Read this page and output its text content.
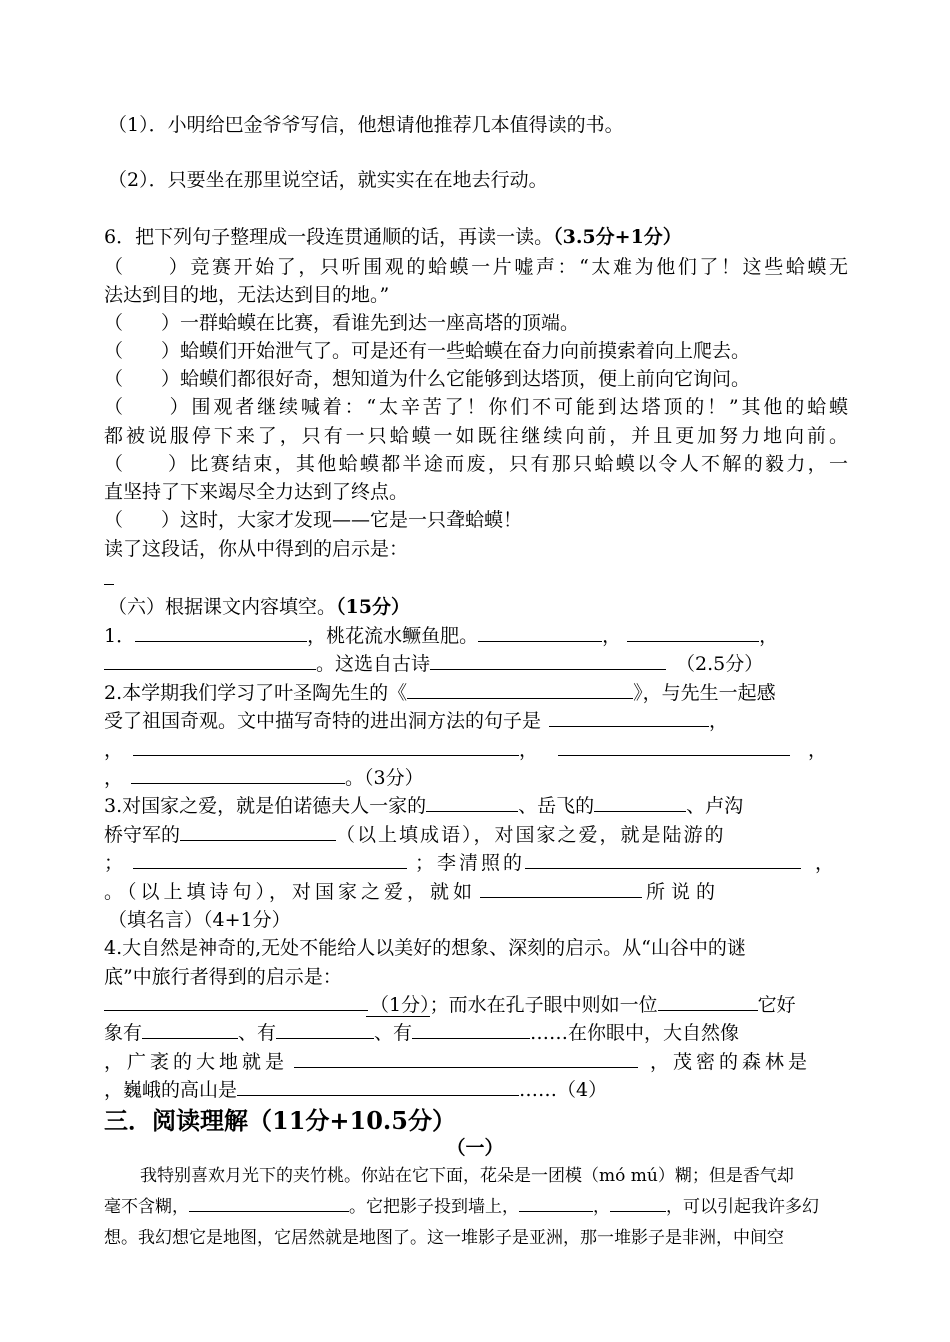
（1）．小明给巴金爷爷写信，他想请他推荐几本值得读的书。
（2）．只要坐在那里说空话，就实实在在地去行动。
6．把下列句子整理成一段连贯通顺的话，再读一读。（3.5分+1分）
（　　）竞赛开始了，只听围观的蛤蟆一片嘘声：“太难为他们了！这些蛤蟆无
法达到目的地，无法达到目的地。”
（　　）一群蛤蟆在比赛，看谁先到达一座高塔的顶端。
（　　）蛤蟆们开始泄气了。可是还有一些蛤蟆在奋力向前摸索着向上爬去。
（　　）蛤蟆们都很好奇，想知道为什么它能够到达塔顶，便上前向它询问。
（　　）围观者继续喊着：“太辛苦了！你们不可能到达塔顶的！”其他的蛤蟆
都被说服停下来了，只有一只蛤蟆一如既往继续向前，并且更加努力地向前。
（　　）比赛结束，其他蛤蟆都半途而废，只有那只蛤蟆以令人不解的毅力，一
直坚持了下来竭尽全力达到了终点。
（　　）这时，大家才发现——它是一只聋蛤蟆！
读了这段话，你从中得到的启示是：
（六）根据课文内容填空。（15分）
1．	，桃花流水鳜鱼肥。	，	，
。这选自古诗	（2.5分）
2.本学期我们学习了叶圣陶先生的《	》，与先生一起感
受了祖国奇观。文中描写奇特的进出洞方法的句子是	，
，	，	，
，	。（3分）
3.对国家之爱，就是伯诺德夫人一家的	、岳飞的	、卢沟
桥守军的	（以上填成语），对国家之爱，就是陆游的
；	；李清照的	，
。（以上填诗句），对国家之爱，就如	所说的
（填名言）（4+1分）
4.大自然是神奇的,无处不能给人以美好的想象、深刻的启示。从“山谷中的谜
底”中旅行者得到的启示是：
（1分）；而水在孔子眼中则如一位	它好
象有	、有	、有	……在你眼中，大自然像
，广袤的大地就是	，茂密的森林是
，巍峨的高山是	……（4）
三．阅读理解（11分+10.5分）
（一）
我特别喜欢月光下的夹竹桃。你站在它下面，花朵是一团模（mó mú）糊；但是香气却
毫不含糊，	。它把影子投到墙上，	，	，可以引起我许多幻
想。我幻想它是地图，它居然就是地图了。这一堆影子是亚洲，那一堆影子是非洲，中间空
